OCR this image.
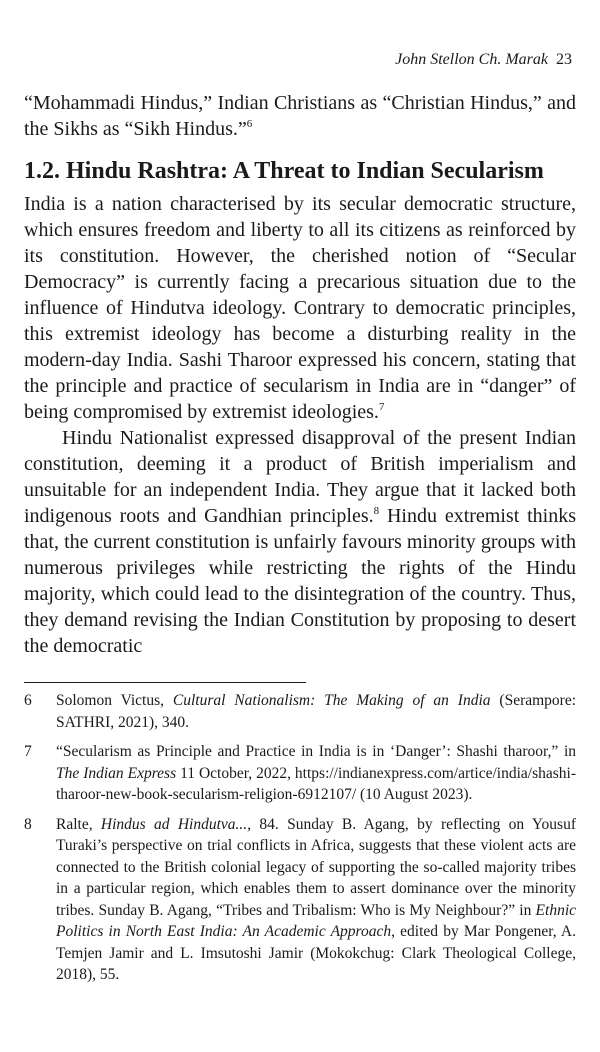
John Stellon Ch. Marak 23

“Mohammadi Hindus,” Indian Christians as “Christian Hindus,” and the Sikhs as “Sikh Hindus.”$^6$

1.2. Hindu Rashtra: A Threat to Indian Secularism

India is a nation characterised by its secular democratic structure, which ensures freedom and liberty to all its citizens as reinforced by its constitution. However, the cherished notion of “Secular Democracy” is currently facing a precarious situation due to the influence of Hindutva ideology. Contrary to democratic principles, this extremist ideology has become a disturbing reality in the modern-day India. Sashi Tharoor expressed his concern, stating that the principle and practice of secularism in India are in “danger” of being compromised by extremist ideologies.$^7$

Hindu Nationalist expressed disapproval of the present Indian constitution, deeming it a product of British imperialism and unsuitable for an independent India. They argue that it lacked both indigenous roots and Gandhian principles.$^8$ Hindu extremist thinks that, the current constitution is unfairly favours minority groups with numerous privileges while restricting the rights of the Hindu majority, which could lead to the disintegration of the country. Thus, they demand revising the Indian Constitution by proposing to desert the democratic

6	Solomon Victus, Cultural Nationalism: The Making of an India (Serampore: SATHRI, 2021), 340.
7	“Secularism as Principle and Practice in India is in ‘Danger’: Shashi tharoor,” in The Indian Express 11 October, 2022, https://indianexpress.com/artice/india/shashi-tharoor-new-book-secularism-religion-6912107/ (10 August 2023).
8	Ralte, Hindus ad Hindutva..., 84. Sunday B. Agang, by reflecting on Yousuf Turaki’s perspective on trial conflicts in Africa, suggests that these violent acts are connected to the British colonial legacy of supporting the so-called majority tribes in a particular region, which enables them to assert dominance over the minority tribes. Sunday B. Agang, “Tribes and Tribalism: Who is My Neighbour?” in Ethnic Politics in North East India: An Academic Approach, edited by Mar Pongener, A. Temjen Jamir and L. Imsutoshi Jamir (Mokokchug: Clark Theological College, 2018), 55.
